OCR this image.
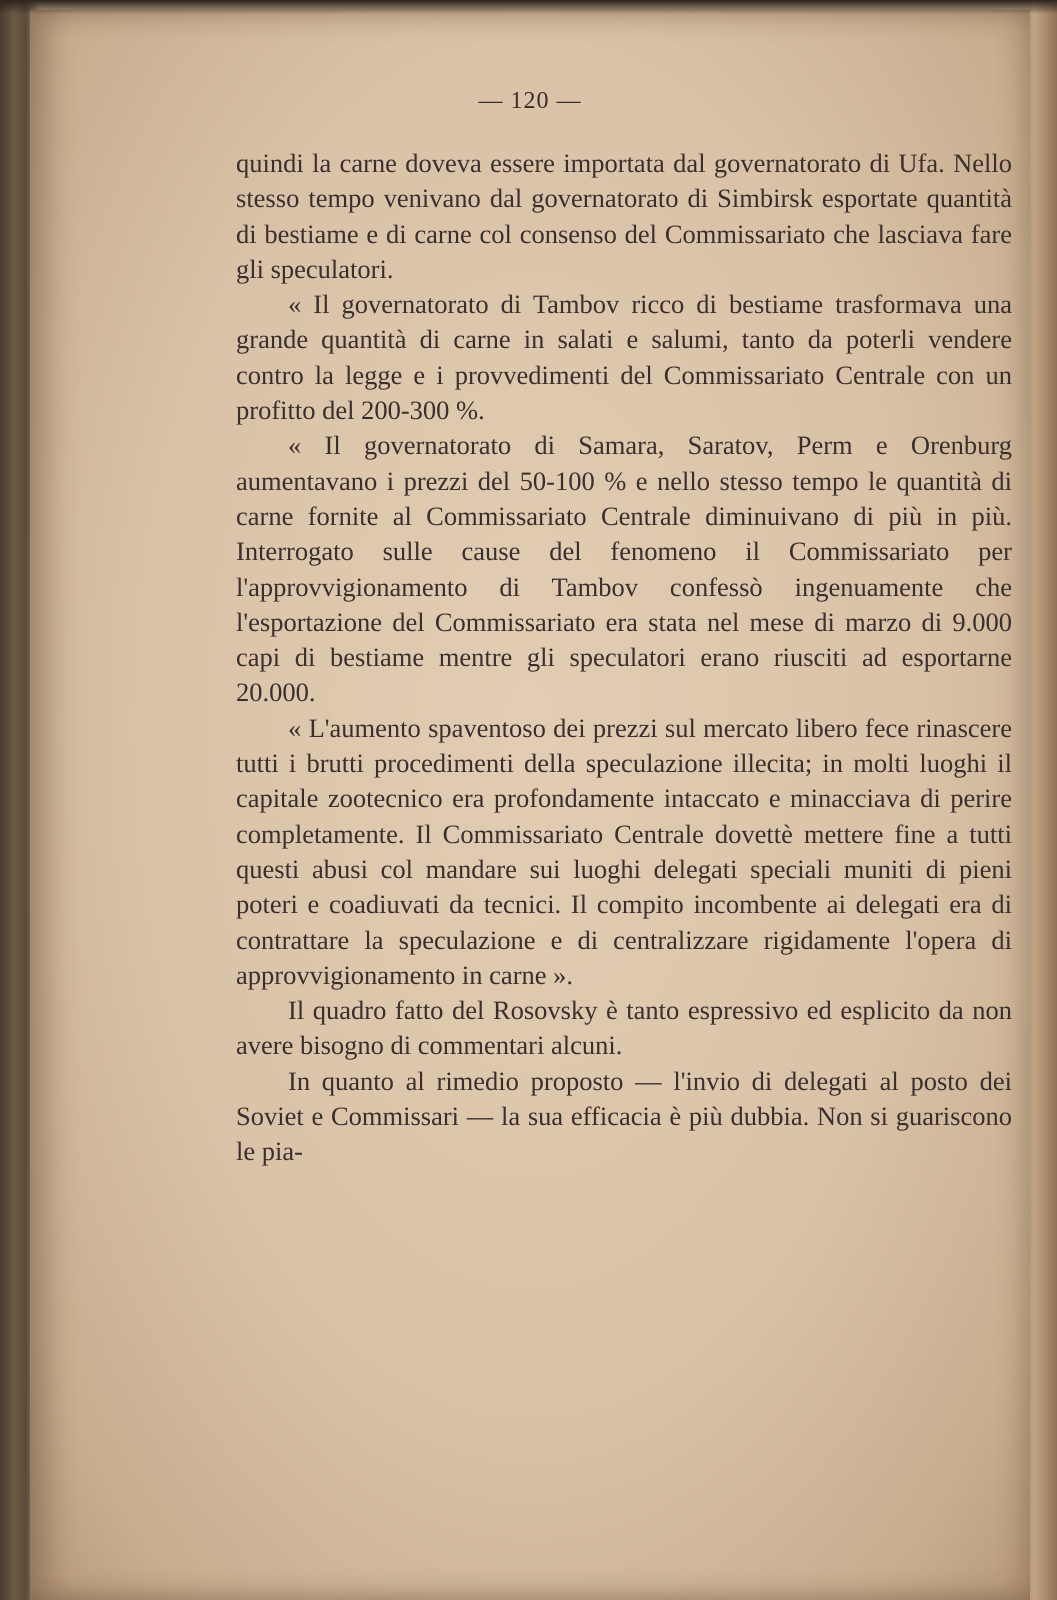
— 120 —

quindi la carne doveva essere importata dal governatorato di Ufa. Nello stesso tempo venivano dal governatorato di Simbirsk esportate quantità di bestiame e di carne col consenso del Commissariato che lasciava fare gli speculatori.

« Il governatorato di Tambov ricco di bestiame trasformava una grande quantità di carne in salati e salumi, tanto da poterli vendere contro la legge e i provvedimenti del Commissariato Centrale con un profitto del 200-300 %.

« Il governatorato di Samara, Saratov, Perm e Orenburg aumentavano i prezzi del 50-100 % e nello stesso tempo le quantità di carne fornite al Commissariato Centrale diminuivano di più in più. Interrogato sulle cause del fenomeno il Commissariato per l'approvvigionamento di Tambov confessò ingenuamente che l'esportazione del Commissariato era stata nel mese di marzo di 9.000 capi di bestiame mentre gli speculatori erano riusciti ad esportarne 20.000.

« L'aumento spaventoso dei prezzi sul mercato libero fece rinascere tutti i brutti procedimenti della speculazione illecita; in molti luoghi il capitale zootecnico era profondamente intaccato e minacciava di perire completamente. Il Commissariato Centrale dovettè mettere fine a tutti questi abusi col mandare sui luoghi delegati speciali muniti di pieni poteri e coadiuvati da tecnici. Il compito incombente ai delegati era di contrattare la speculazione e di centralizzare rigidamente l'opera di approvvigionamento in carne ».

Il quadro fatto del Rosovsky è tanto espressivo ed esplicito da non avere bisogno di commentari alcuni.

In quanto al rimedio proposto — l'invio di delegati al posto dei Soviet e Commissari — la sua efficacia è più dubbia. Non si guariscono le pia-
